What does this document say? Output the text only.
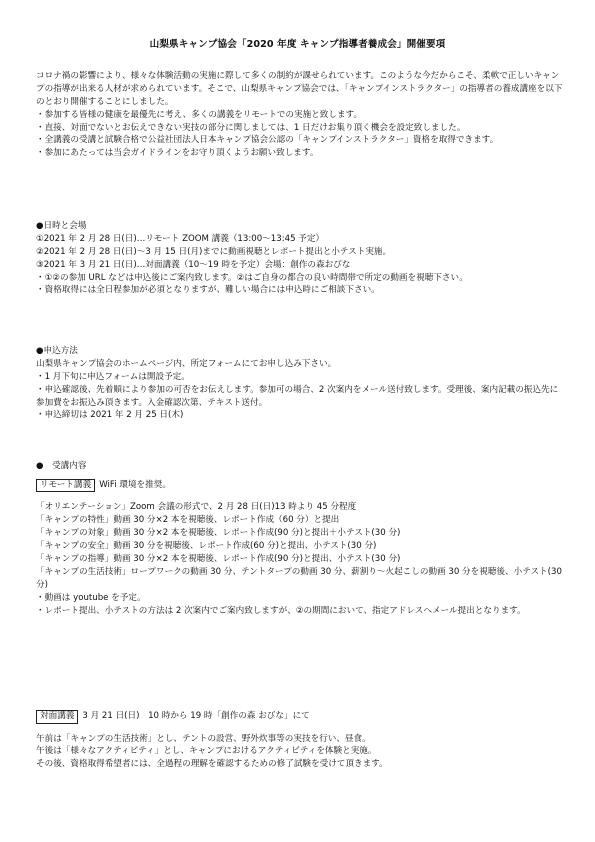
山梨県キャンプ協会「2020 年度 キャンプ指導者養成会」開催要項
コロナ禍の影響により、様々な体験活動の実施に際して多くの制約が課せられています。このような今だからこそ、柔軟で正しいキャンプの指導が出来る人材が求められています。そこで、山梨県キャンプ協会では、「キャンプインストラクター」の指導者の養成講座を以下のとおり開催することにしました。
・参加する皆様の健康を最優先に考え、多くの講義をリモートでの実施と致します。
・直接、対面でないとお伝えできない実技の部分に関しましては、1 日だけお集り頂く機会を設定致しました。
・全講義の受講と試験合格で公益社団法人日本キャンプ協会公認の「キャンプインストラクター」資格を取得できます。
・参加にあたっては当会ガイドラインをお守り頂くようお願い致します。
●日時と会場
①2021 年 2 月 28 日(日)…リモート ZOOM 講義（13:00～13:45 予定）
②2021 年 2 月 28 日(日)～3 月 15 日(月)までに動画視聴とレポート提出と小テスト実施。
③2021 年 3 月 21 日(日)…対面講義（10～19 時を予定）会場：創作の森おびな
・①②の参加 URL などは申込後にご案内致します。②はご自身の都合の良い時間帯で所定の動画を視聴下さい。
・資格取得には全日程参加が必須となりますが、難しい場合には申込時にご相談下さい。
●申込方法
山梨県キャンプ協会のホームページ内、所定フォームにてお申し込み下さい。
・1 月下旬に申込フォームは開設予定。
・申込確認後、先着順により参加の可否をお伝えします。参加可の場合、2 次案内をメール送付致します。受理後、案内記載の振込先に参加費をお振込み頂きます。入金確認次第、テキスト送付。
・申込締切は 2021 年 2 月 25 日(木)
●　受講内容
リモート講義 WiFi 環境を推奨。
「オリエンテーション」Zoom 会議の形式で、2 月 28 日(日)13 時より 45 分程度
「キャンプの特性」動画 30 分×2 本を視聴後、レポート作成（60 分）と提出
「キャンプの対象」動画 30 分×2 本を視聴後、レポート作成(90 分)と提出＋小テスト(30 分)
「キャンプの安全」動画 30 分を視聴後、レポート作成(60 分)と提出、小テスト(30 分)
「キャンプの指導」動画 30 分×2 本を視聴後、レポート作成(90 分)と提出、小テスト(30 分)
「キャンプの生活技術」ロープワークの動画 30 分、テントタープの動画 30 分、薪割り～火起こしの動画 30 分を視聴後、小テスト(30 分)
・動画は youtube を予定。
・レポート提出、小テストの方法は 2 次案内でご案内致しますが、②の期間において、指定アドレスへメール提出となります。
対面講義 3 月 21 日(日)　10 時から 19 時「創作の森 おびな」にて
午前は「キャンプの生活技術」とし、テントの設営、野外炊事等の実技を行い、昼食。
午後は「様々なアクティビティ」とし、キャンプにおけるアクティビティを体験と実施。
その後、資格取得希望者には、全過程の理解を確認するための修了試験を受けて頂きます。
